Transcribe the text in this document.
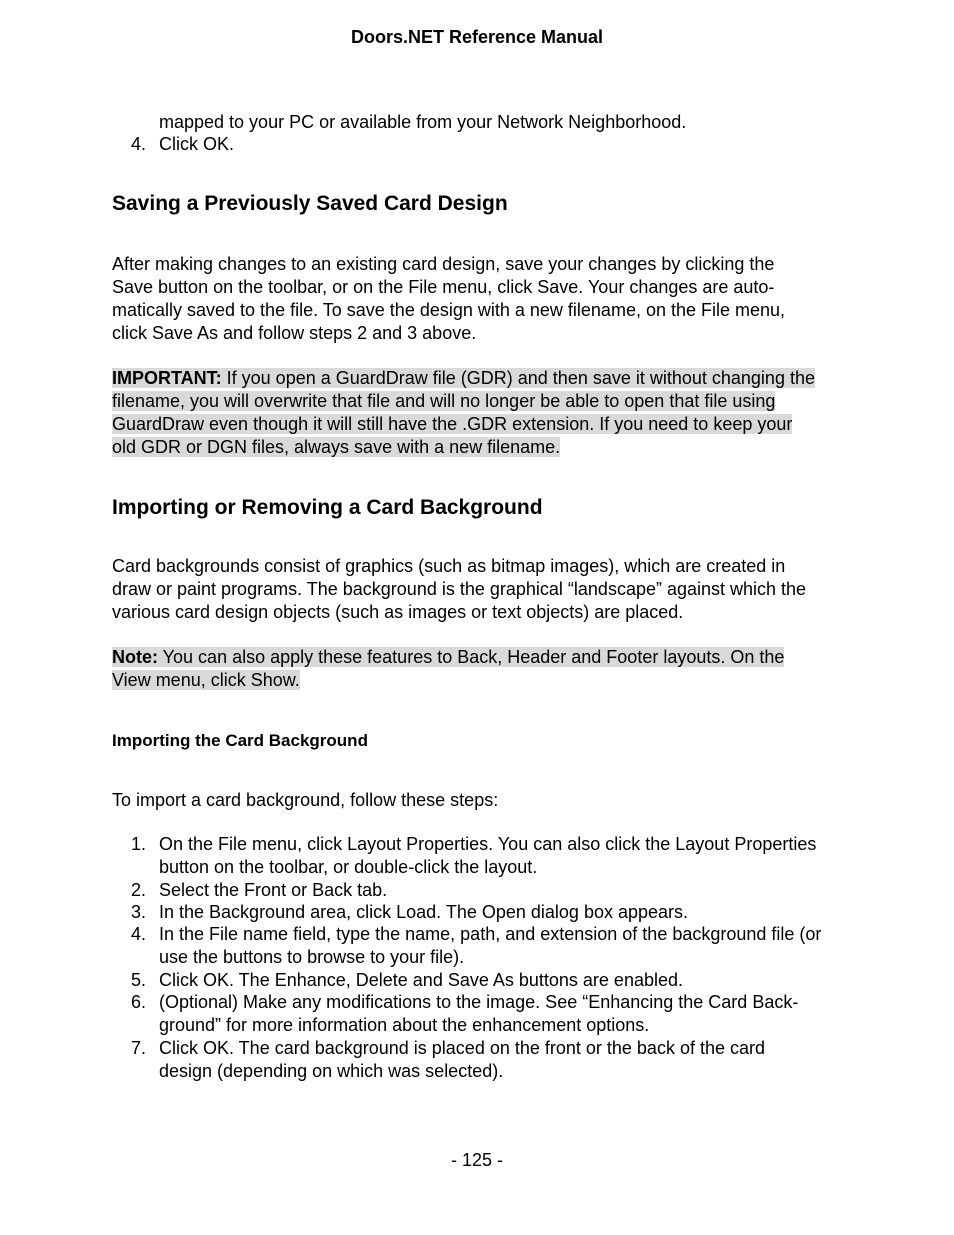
Doors.NET Reference Manual
mapped to your PC or available from your Network Neighborhood.
4. Click OK.
Saving a Previously Saved Card Design
After making changes to an existing card design, save your changes by clicking the
Save button on the toolbar, or on the File menu, click Save. Your changes are auto-
matically saved to the file. To save the design with a new filename, on the File menu,
click Save As and follow steps 2 and 3 above.
IMPORTANT: If you open a GuardDraw file (GDR) and then save it without changing the
filename, you will overwrite that file and will no longer be able to open that file using
GuardDraw even though it will still have the .GDR extension. If you need to keep your
old GDR or DGN files, always save with a new filename.
Importing or Removing a Card Background
Card backgrounds consist of graphics (such as bitmap images), which are created in
draw or paint programs. The background is the graphical “landscape” against which the
various card design objects (such as images or text objects) are placed.
Note: You can also apply these features to Back, Header and Footer layouts. On the
View menu, click Show.
Importing the Card Background
To import a card background, follow these steps:
1. On the File menu, click Layout Properties. You can also click the Layout Properties
button on the toolbar, or double-click the layout.
2. Select the Front or Back tab.
3. In the Background area, click Load. The Open dialog box appears.
4. In the File name field, type the name, path, and extension of the background file (or
use the buttons to browse to your file).
5. Click OK. The Enhance, Delete and Save As buttons are enabled.
6. (Optional) Make any modifications to the image. See “Enhancing the Card Back-
ground” for more information about the enhancement options.
7. Click OK. The card background is placed on the front or the back of the card
design (depending on which was selected).
- 125 -
